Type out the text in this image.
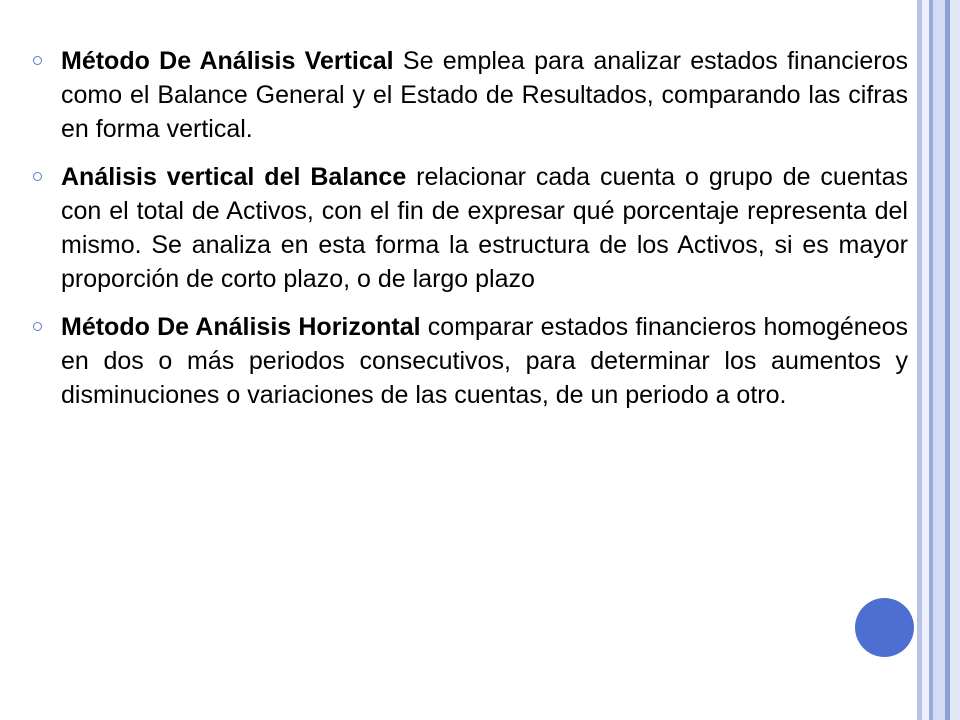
Método De Análisis Vertical Se emplea para analizar estados financieros como el Balance General y el Estado de Resultados, comparando las cifras en forma vertical.
Análisis vertical del Balance relacionar cada cuenta o grupo de cuentas con el total de Activos, con el fin de expresar qué porcentaje representa del mismo. Se analiza en esta forma la estructura de los Activos, si es mayor proporción de corto plazo, o de largo plazo
Método De Análisis Horizontal comparar estados financieros homogéneos en dos o más periodos consecutivos, para determinar los aumentos y disminuciones o variaciones de las cuentas, de un periodo a otro.
